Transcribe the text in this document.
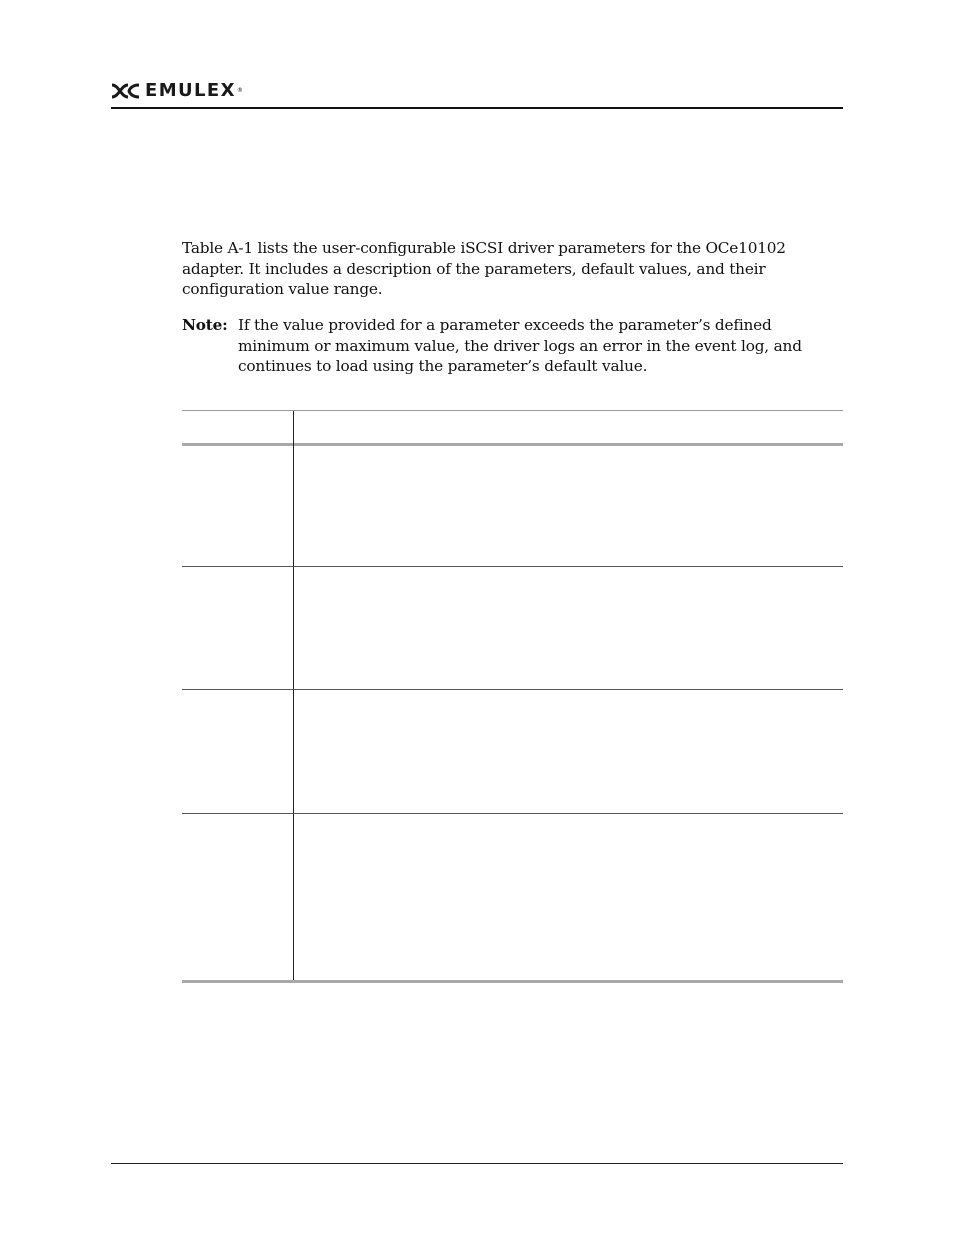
EMULEX ®

Table A-1 lists the user-configurable iSCSI driver parameters for the OCe10102 adapter. It includes a description of the parameters, default values, and their configuration value range.

Note: If the value provided for a parameter exceeds the parameter’s defined minimum or maximum value, the driver logs an error in the event log, and continues to load using the parameter’s default value.
